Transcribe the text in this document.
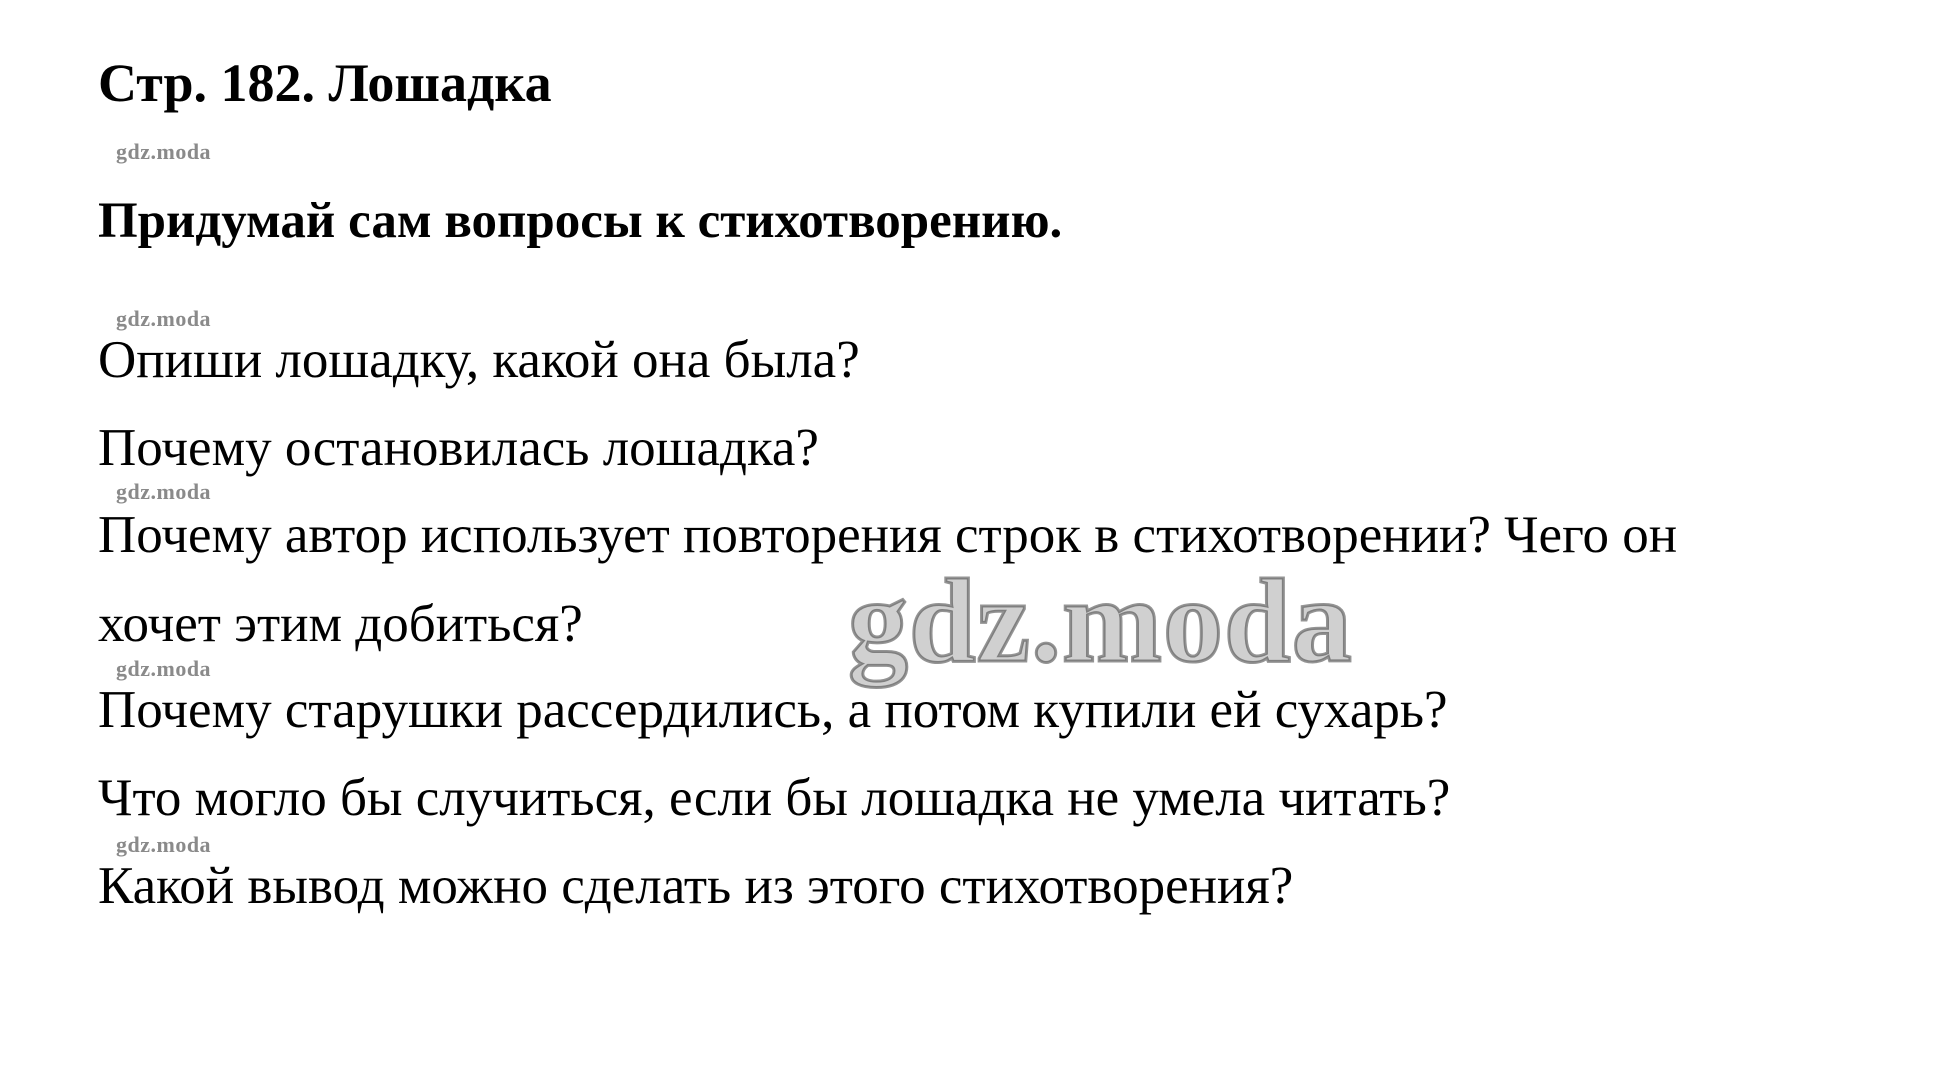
Стр. 182. Лошадка
gdz.moda
Придумай сам вопросы к стихотворению.
gdz.moda
Опиши лошадку, какой она была?
Почему остановилась лошадка?
gdz.moda
Почему автор использует повторения строк в стихотворении? Чего он
хочет этим добиться?
gdz.moda
Почему старушки рассердились, а потом купили ей сухарь?
Что могло бы случиться, если бы лошадка не умела читать?
gdz.moda
Какой вывод можно сделать из этого стихотворения?
gdz.moda
